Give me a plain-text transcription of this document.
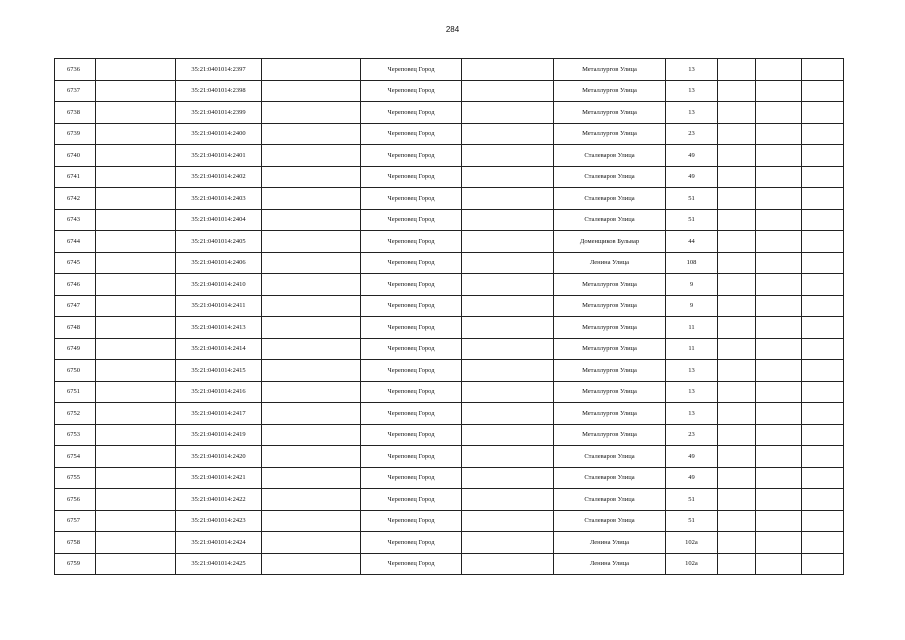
284
6736		35:21:0401014:2397		Череповец Город		Металлургов Улица	13			
6737		35:21:0401014:2398		Череповец Город		Металлургов Улица	13			
6738		35:21:0401014:2399		Череповец Город		Металлургов Улица	13			
6739		35:21:0401014:2400		Череповец Город		Металлургов Улица	23			
6740		35:21:0401014:2401		Череповец Город		Сталеваров Улица	49			
6741		35:21:0401014:2402		Череповец Город		Сталеваров Улица	49			
6742		35:21:0401014:2403		Череповец Город		Сталеваров Улица	51			
6743		35:21:0401014:2404		Череповец Город		Сталеваров Улица	51			
6744		35:21:0401014:2405		Череповец Город		Доменщиков Бульвар	44			
6745		35:21:0401014:2406		Череповец Город		Ленина Улица	108			
6746		35:21:0401014:2410		Череповец Город		Металлургов Улица	9			
6747		35:21:0401014:2411		Череповец Город		Металлургов Улица	9			
6748		35:21:0401014:2413		Череповец Город		Металлургов Улица	11			
6749		35:21:0401014:2414		Череповец Город		Металлургов Улица	11			
6750		35:21:0401014:2415		Череповец Город		Металлургов Улица	13			
6751		35:21:0401014:2416		Череповец Город		Металлургов Улица	13			
6752		35:21:0401014:2417		Череповец Город		Металлургов Улица	13			
6753		35:21:0401014:2419		Череповец Город		Металлургов Улица	23			
6754		35:21:0401014:2420		Череповец Город		Сталеваров Улица	49			
6755		35:21:0401014:2421		Череповец Город		Сталеваров Улица	49			
6756		35:21:0401014:2422		Череповец Город		Сталеваров Улица	51			
6757		35:21:0401014:2423		Череповец Город		Сталеваров Улица	51			
6758		35:21:0401014:2424		Череповец Город		Ленина Улица	102а			
6759		35:21:0401014:2425		Череповец Город		Ленина Улица	102а			
